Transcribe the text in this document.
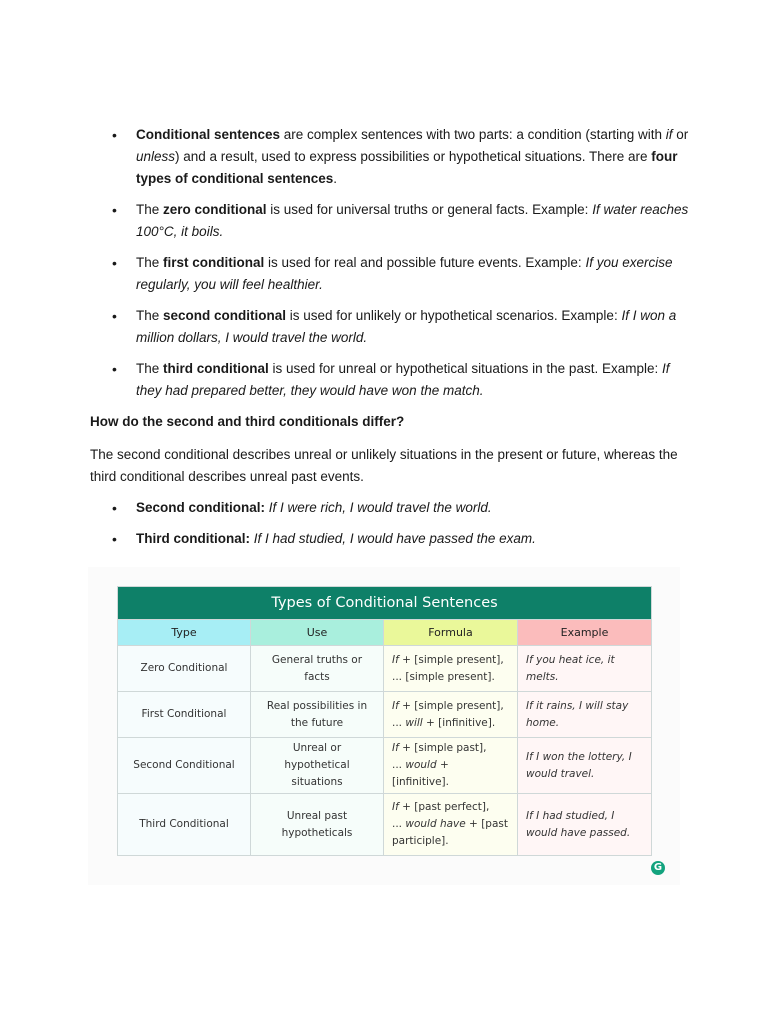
• Conditional sentences are complex sentences with two parts: a condition (starting with if or unless) and a result, used to express possibilities or hypothetical situations. There are four types of conditional sentences.
• The zero conditional is used for universal truths or general facts. Example: If water reaches 100°C, it boils.
• The first conditional is used for real and possible future events. Example: If you exercise regularly, you will feel healthier.
• The second conditional is used for unlikely or hypothetical scenarios. Example: If I won a million dollars, I would travel the world.
• The third conditional is used for unreal or hypothetical situations in the past. Example: If they had prepared better, they would have won the match.
How do the second and third conditionals differ?

The second conditional describes unreal or unlikely situations in the present or future, whereas the third conditional describes unreal past events.

• Second conditional: If I were rich, I would travel the world.
• Third conditional: If I had studied, I would have passed the exam.
Types of Conditional Sentences			
Type	Use	Formula	Example
Zero Conditional	General truths or facts	If + [simple present],
... [simple present].	If you heat ice, it melts.
First Conditional	Real possibilities in the future	If + [simple present],
... will + [infinitive].	If it rains, I will stay home.
Second Conditional	Unreal or hypothetical situations	If + [simple past],
... would + [infinitive].	If I won the lottery, I would travel.
Third Conditional	Unreal past hypotheticals	If + [past perfect],
... would have + [past participle].	If I had studied, I would have passed.
G
